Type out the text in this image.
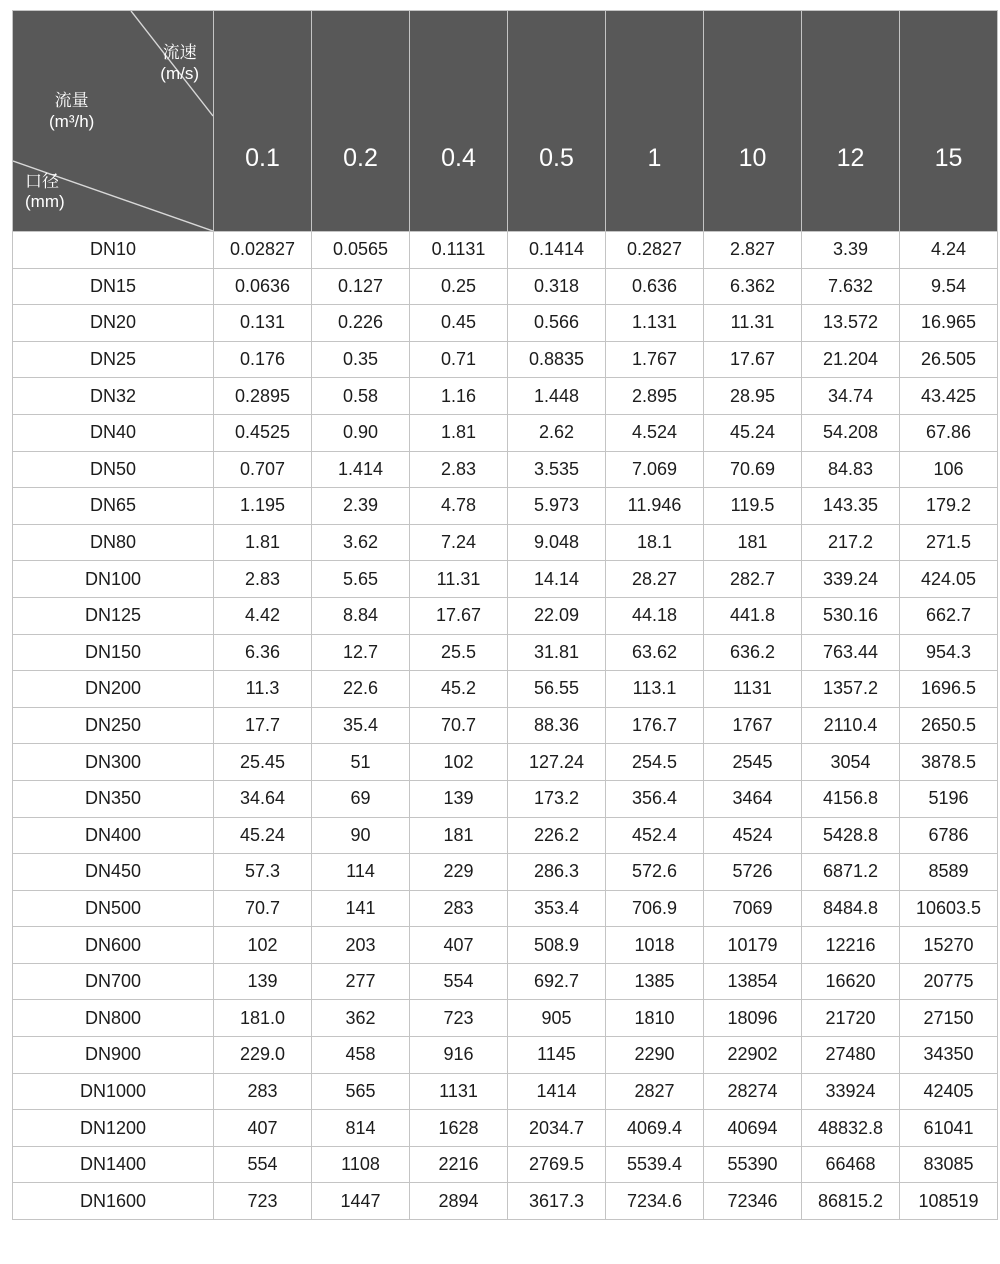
流速
(m/s)
流量
(m³/h)
口径
(mm)

0.1	0.2	0.4	0.5	1	10	12	15

DN10	0.02827	0.0565	0.1131	0.1414	0.2827	2.827	3.39	4.24
DN15	0.0636	0.127	0.25	0.318	0.636	6.362	7.632	9.54
DN20	0.131	0.226	0.45	0.566	1.131	11.31	13.572	16.965
DN25	0.176	0.35	0.71	0.8835	1.767	17.67	21.204	26.505
DN32	0.2895	0.58	1.16	1.448	2.895	28.95	34.74	43.425
DN40	0.4525	0.90	1.81	2.62	4.524	45.24	54.208	67.86
DN50	0.707	1.414	2.83	3.535	7.069	70.69	84.83	106
DN65	1.195	2.39	4.78	5.973	11.946	119.5	143.35	179.2
DN80	1.81	3.62	7.24	9.048	18.1	181	217.2	271.5
DN100	2.83	5.65	11.31	14.14	28.27	282.7	339.24	424.05
DN125	4.42	8.84	17.67	22.09	44.18	441.8	530.16	662.7
DN150	6.36	12.7	25.5	31.81	63.62	636.2	763.44	954.3
DN200	11.3	22.6	45.2	56.55	113.1	1131	1357.2	1696.5
DN250	17.7	35.4	70.7	88.36	176.7	1767	2110.4	2650.5
DN300	25.45	51	102	127.24	254.5	2545	3054	3878.5
DN350	34.64	69	139	173.2	356.4	3464	4156.8	5196
DN400	45.24	90	181	226.2	452.4	4524	5428.8	6786
DN450	57.3	114	229	286.3	572.6	5726	6871.2	8589
DN500	70.7	141	283	353.4	706.9	7069	8484.8	10603.5
DN600	102	203	407	508.9	1018	10179	12216	15270
DN700	139	277	554	692.7	1385	13854	16620	20775
DN800	181.0	362	723	905	1810	18096	21720	27150
DN900	229.0	458	916	1145	2290	22902	27480	34350
DN1000	283	565	1131	1414	2827	28274	33924	42405
DN1200	407	814	1628	2034.7	4069.4	40694	48832.8	61041
DN1400	554	1108	2216	2769.5	5539.4	55390	66468	83085
DN1600	723	1447	2894	3617.3	7234.6	72346	86815.2	108519
